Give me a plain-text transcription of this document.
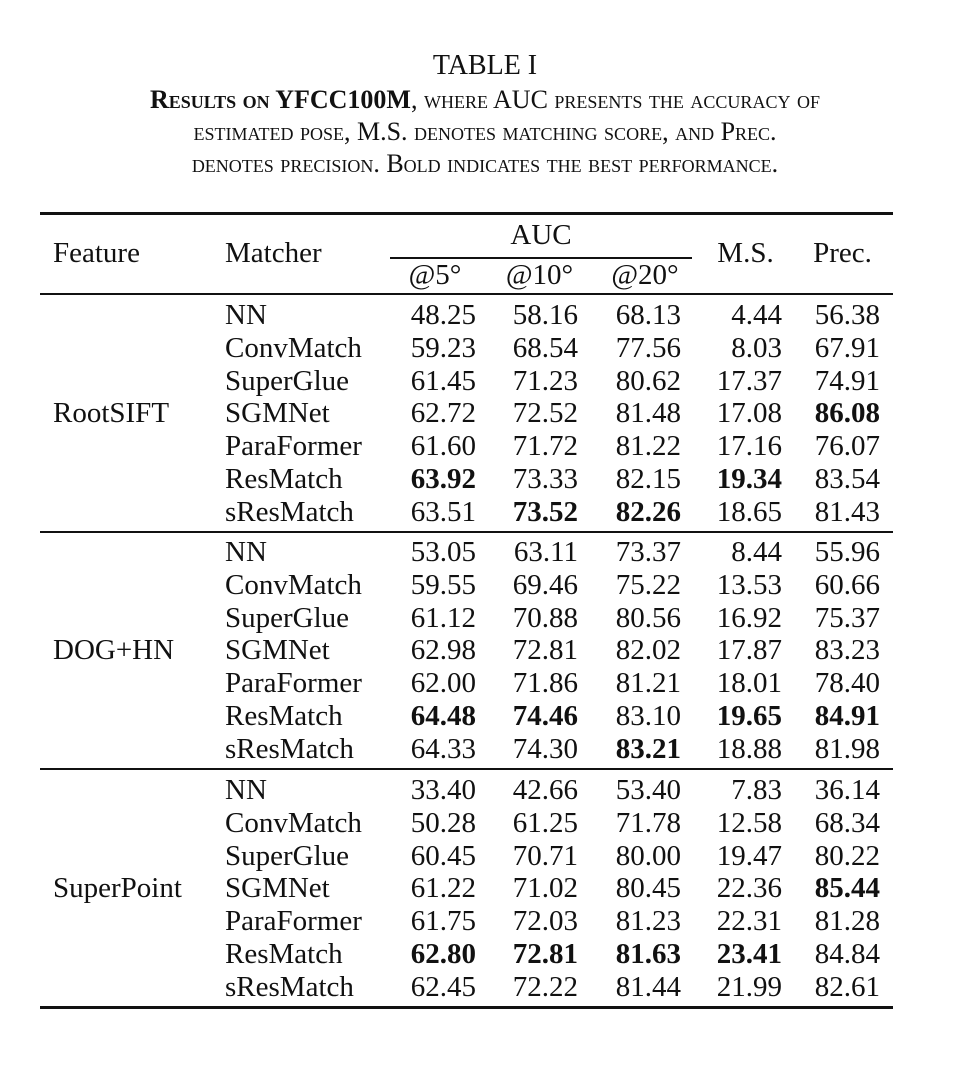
TABLE I
Results on YFCC100M, where AUC presents the accuracy of
estimated pose, M.S. denotes matching score, and Prec.
denotes precision. Bold indicates the best performance.
Feature	Matcher
AUC
@5°	@10°	@20°
M.S.	Prec.
RootSIFT
NN	48.25	58.16	68.13	4.44	56.38
ConvMatch	59.23	68.54	77.56	8.03	67.91
SuperGlue	61.45	71.23	80.62	17.37	74.91
SGMNet	62.72	72.52	81.48	17.08	86.08
ParaFormer	61.60	71.72	81.22	17.16	76.07
ResMatch	63.92	73.33	82.15	19.34	83.54
sResMatch	63.51	73.52	82.26	18.65	81.43
DOG+HN
NN	53.05	63.11	73.37	8.44	55.96
ConvMatch	59.55	69.46	75.22	13.53	60.66
SuperGlue	61.12	70.88	80.56	16.92	75.37
SGMNet	62.98	72.81	82.02	17.87	83.23
ParaFormer	62.00	71.86	81.21	18.01	78.40
ResMatch	64.48	74.46	83.10	19.65	84.91
sResMatch	64.33	74.30	83.21	18.88	81.98
SuperPoint
NN	33.40	42.66	53.40	7.83	36.14
ConvMatch	50.28	61.25	71.78	12.58	68.34
SuperGlue	60.45	70.71	80.00	19.47	80.22
SGMNet	61.22	71.02	80.45	22.36	85.44
ParaFormer	61.75	72.03	81.23	22.31	81.28
ResMatch	62.80	72.81	81.63	23.41	84.84
sResMatch	62.45	72.22	81.44	21.99	82.61
